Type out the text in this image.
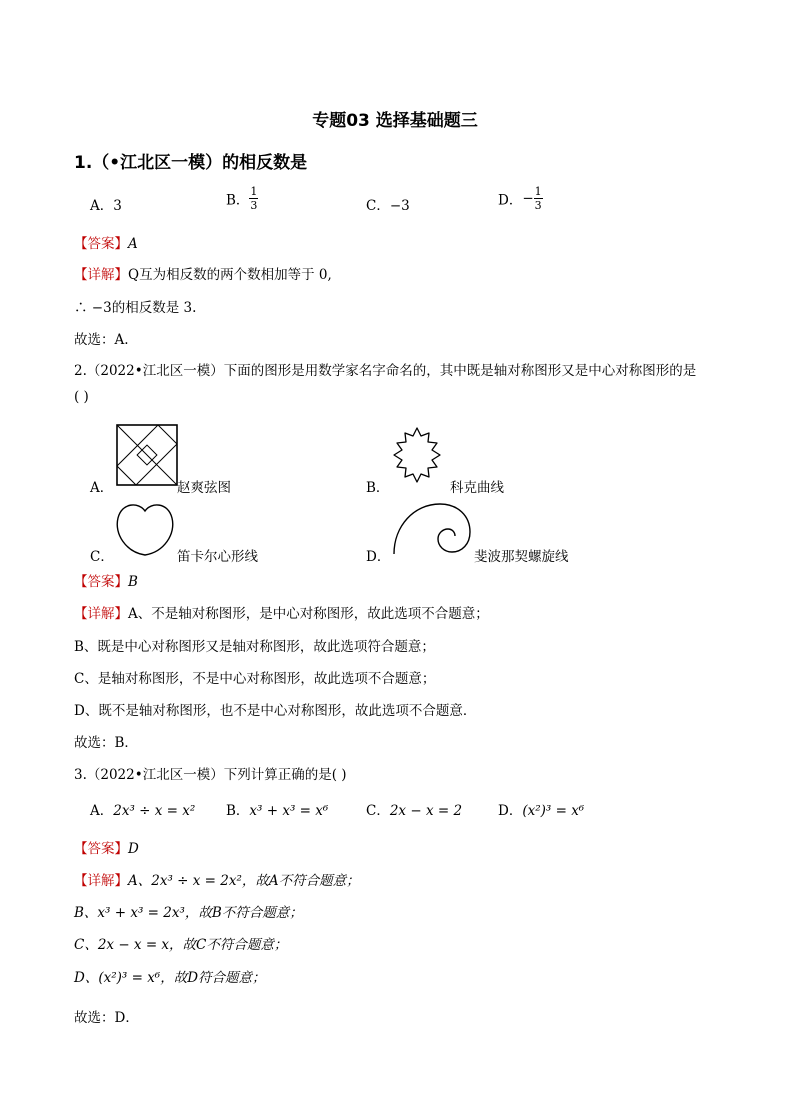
专题03 选择基础题三
1.（•江北区一模）的相反数是
A．3	B． $\frac{1}{3}$	C．−3	D．− $\frac{1}{3}$
【答案】A
【详解】Q互为相反数的两个数相加等于 0,
∴ −3的相反数是 3.
故选：A.
2.（2022•江北区一模）下面的图形是用数学家名字命名的，其中既是轴对称图形又是中心对称图形的是
( )
A．	赵爽弦图	B．	科克曲线
C．	笛卡尔心形线	D．	斐波那契螺旋线
【答案】B
【详解】A、不是轴对称图形，是中心对称图形，故此选项不合题意；
B、既是中心对称图形又是轴对称图形，故此选项符合题意；
C、是轴对称图形，不是中心对称图形，故此选项不合题意；
D、既不是轴对称图形，也不是中心对称图形，故此选项不合题意．
故选：B．
3.（2022•江北区一模）下列计算正确的是( )
A．2x³ ÷ x = x² B．x³ + x³ = x⁶	C．2x − x = 2	D．(x²)³ = x⁶
【答案】D
【详解】A、2x³ ÷ x = 2x²，故A不符合题意；
B、x³ + x³ = 2x³，故B不符合题意；
C、2x − x = x，故C不符合题意；
D、(x²)³ = x⁶，故D符合题意；
故选：D．
